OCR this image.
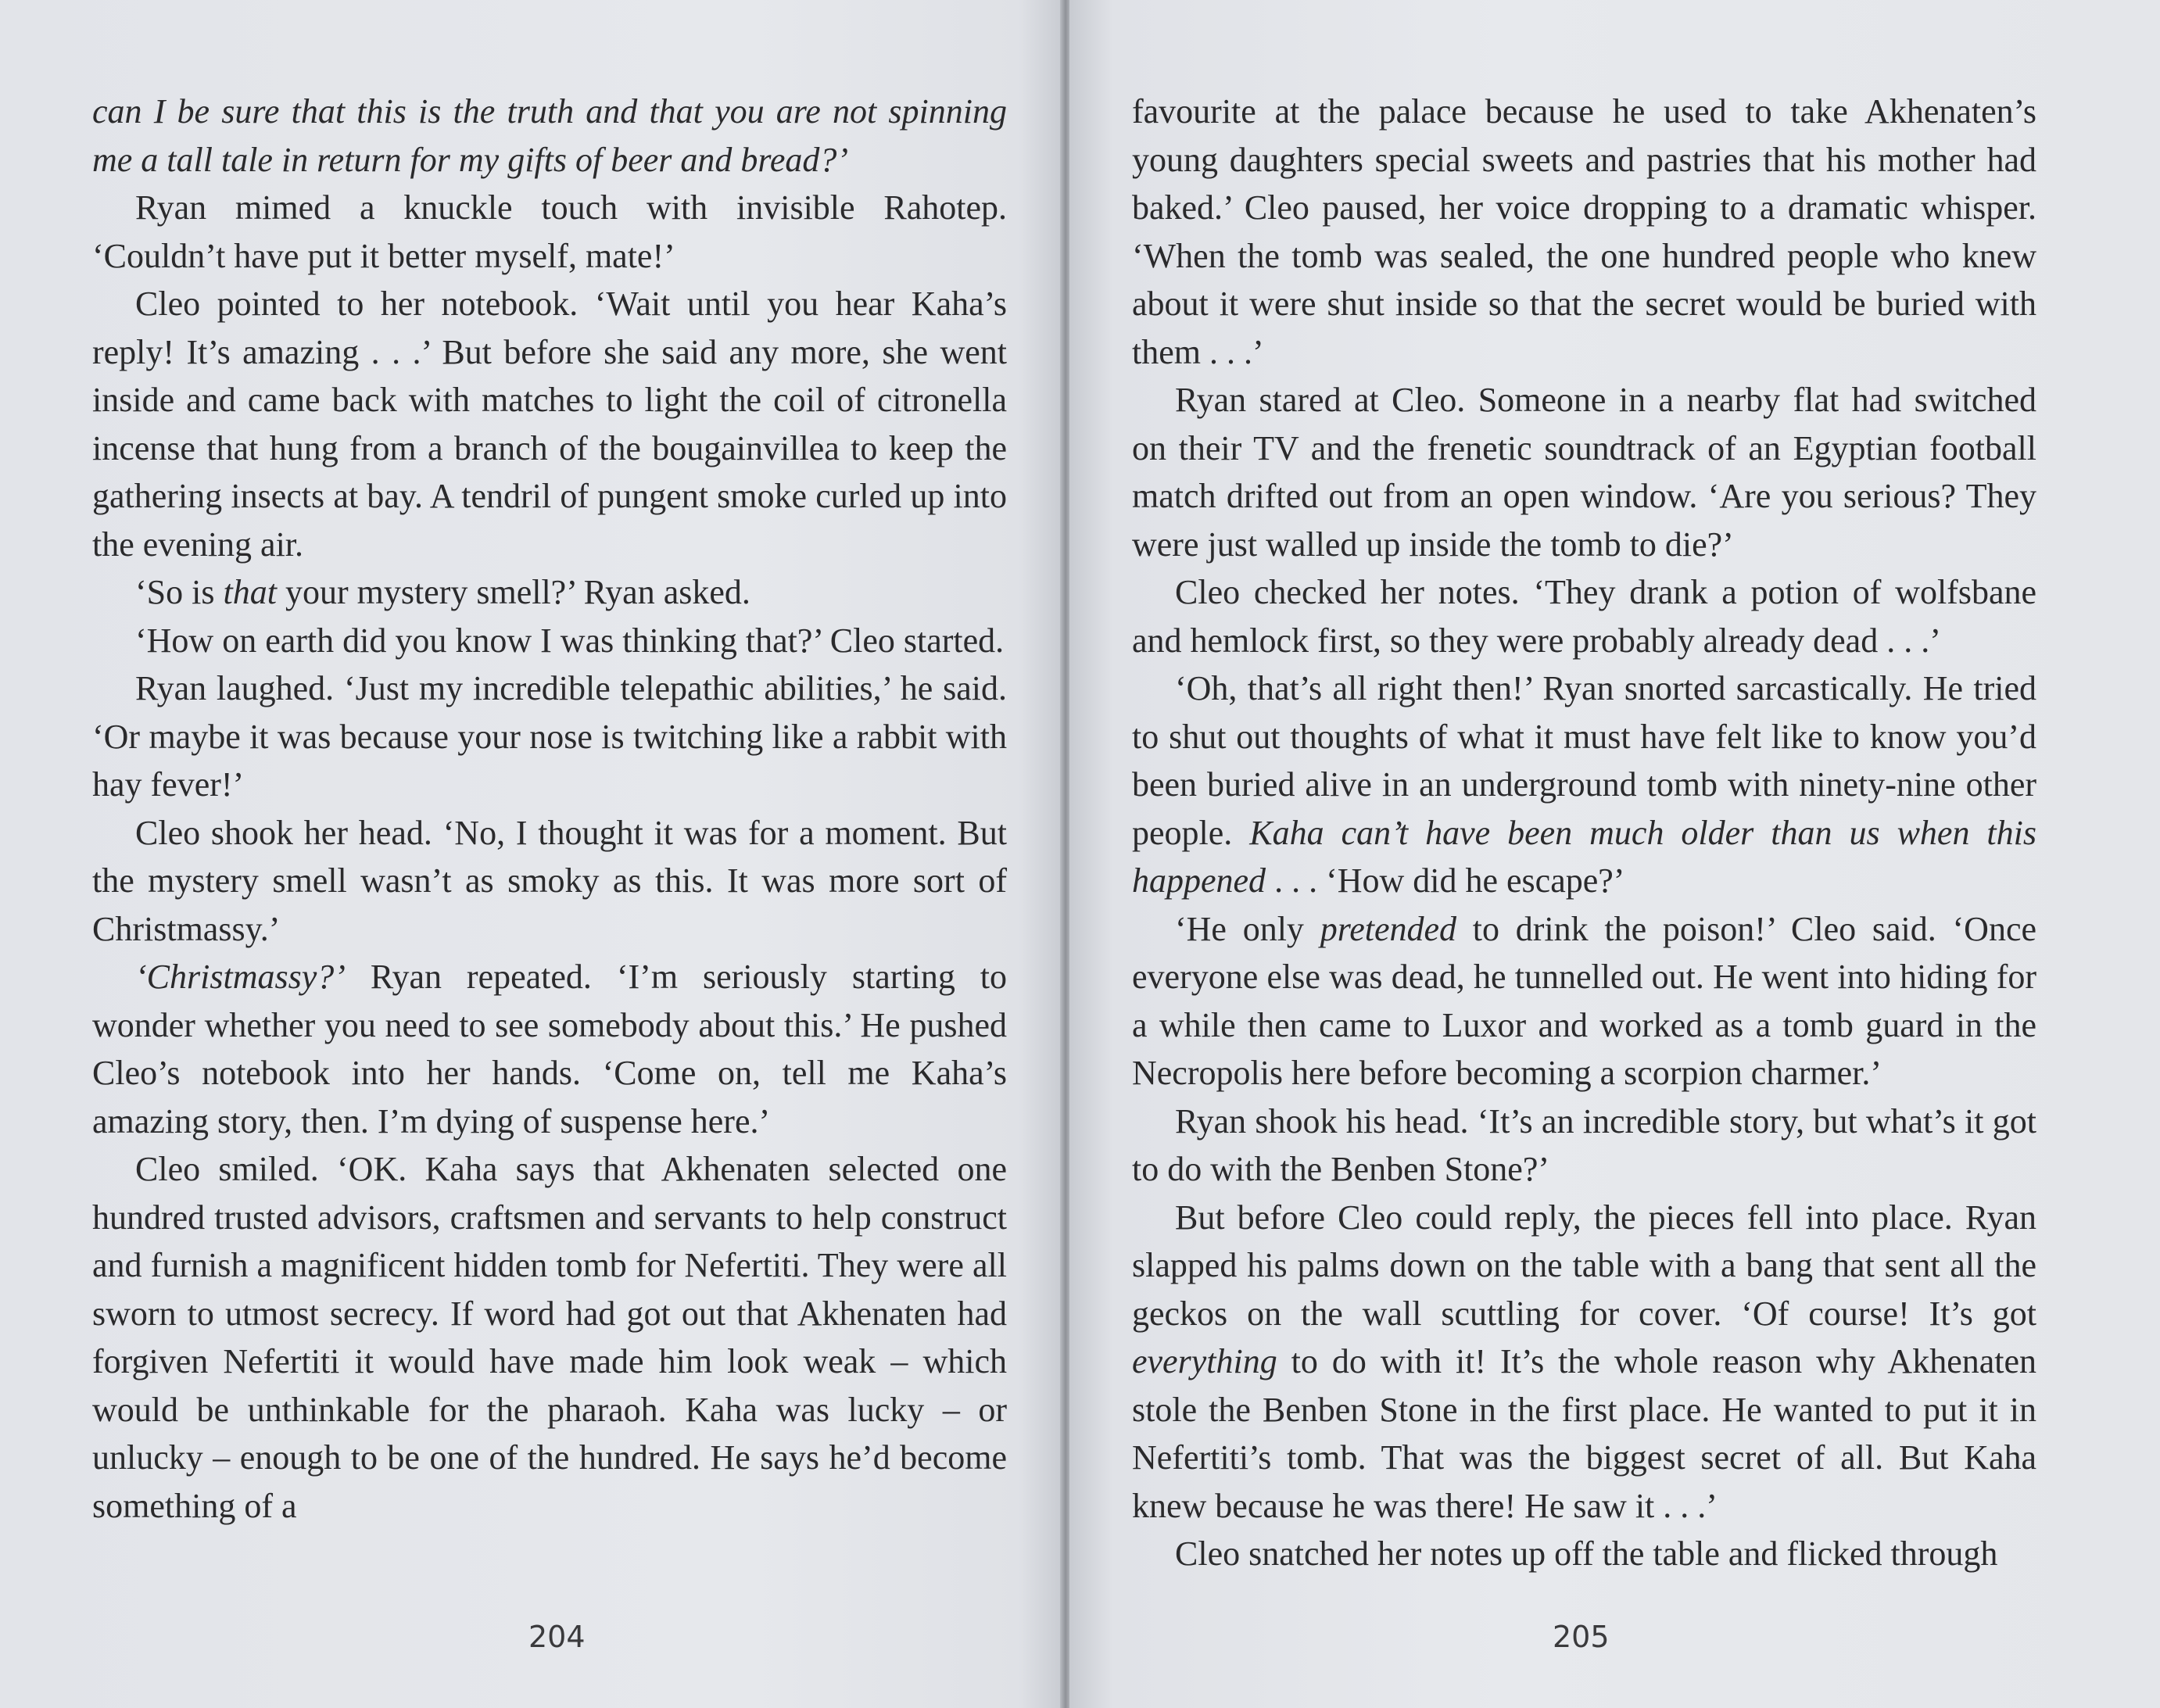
can I be sure that this is the truth and that you are not spinning me a tall tale in return for my gifts of beer and bread?’

Ryan mimed a knuckle touch with invisible Rahotep. ‘Couldn’t have put it better myself, mate!’

Cleo pointed to her notebook. ‘Wait until you hear Kaha’s reply! It’s amazing . . .’ But before she said any more, she went inside and came back with matches to light the coil of citronella incense that hung from a branch of the bougainvillea to keep the gathering insects at bay. A tendril of pungent smoke curled up into the evening air.

‘So is that your mystery smell?’ Ryan asked.

‘How on earth did you know I was thinking that?’ Cleo started.

Ryan laughed. ‘Just my incredible telepathic abilities,’ he said. ‘Or maybe it was because your nose is twitching like a rabbit with hay fever!’

Cleo shook her head. ‘No, I thought it was for a moment. But the mystery smell wasn’t as smoky as this. It was more sort of Christmassy.’

‘Christmassy?’ Ryan repeated. ‘I’m seriously starting to wonder whether you need to see somebody about this.’ He pushed Cleo’s notebook into her hands. ‘Come on, tell me Kaha’s amazing story, then. I’m dying of suspense here.’

Cleo smiled. ‘OK. Kaha says that Akhenaten selected one hundred trusted advisors, craftsmen and servants to help construct and furnish a magnificent hidden tomb for Nefertiti. They were all sworn to utmost secrecy. If word had got out that Akhenaten had forgiven Nefertiti it would have made him look weak – which would be unthinkable for the pharaoh. Kaha was lucky – or unlucky – enough to be one of the hundred. He says he’d become something of a

204

favourite at the palace because he used to take Akhenaten’s young daughters special sweets and pastries that his mother had baked.’ Cleo paused, her voice dropping to a dramatic whisper. ‘When the tomb was sealed, the one hundred people who knew about it were shut inside so that the secret would be buried with them . . .’

Ryan stared at Cleo. Someone in a nearby flat had switched on their TV and the frenetic soundtrack of an Egyptian football match drifted out from an open window. ‘Are you serious? They were just walled up inside the tomb to die?’

Cleo checked her notes. ‘They drank a potion of wolfsbane and hemlock first, so they were probably already dead . . .’

‘Oh, that’s all right then!’ Ryan snorted sarcastically. He tried to shut out thoughts of what it must have felt like to know you’d been buried alive in an underground tomb with ninety-nine other people. Kaha can’t have been much older than us when this happened . . . ‘How did he escape?’

‘He only pretended to drink the poison!’ Cleo said. ‘Once everyone else was dead, he tunnelled out. He went into hiding for a while then came to Luxor and worked as a tomb guard in the Necropolis here before becoming a scorpion charmer.’

Ryan shook his head. ‘It’s an incredible story, but what’s it got to do with the Benben Stone?’

But before Cleo could reply, the pieces fell into place. Ryan slapped his palms down on the table with a bang that sent all the geckos on the wall scuttling for cover. ‘Of course! It’s got everything to do with it! It’s the whole reason why Akhenaten stole the Benben Stone in the first place. He wanted to put it in Nefertiti’s tomb. That was the biggest secret of all. But Kaha knew because he was there! He saw it . . .’

Cleo snatched her notes up off the table and flicked through

205
